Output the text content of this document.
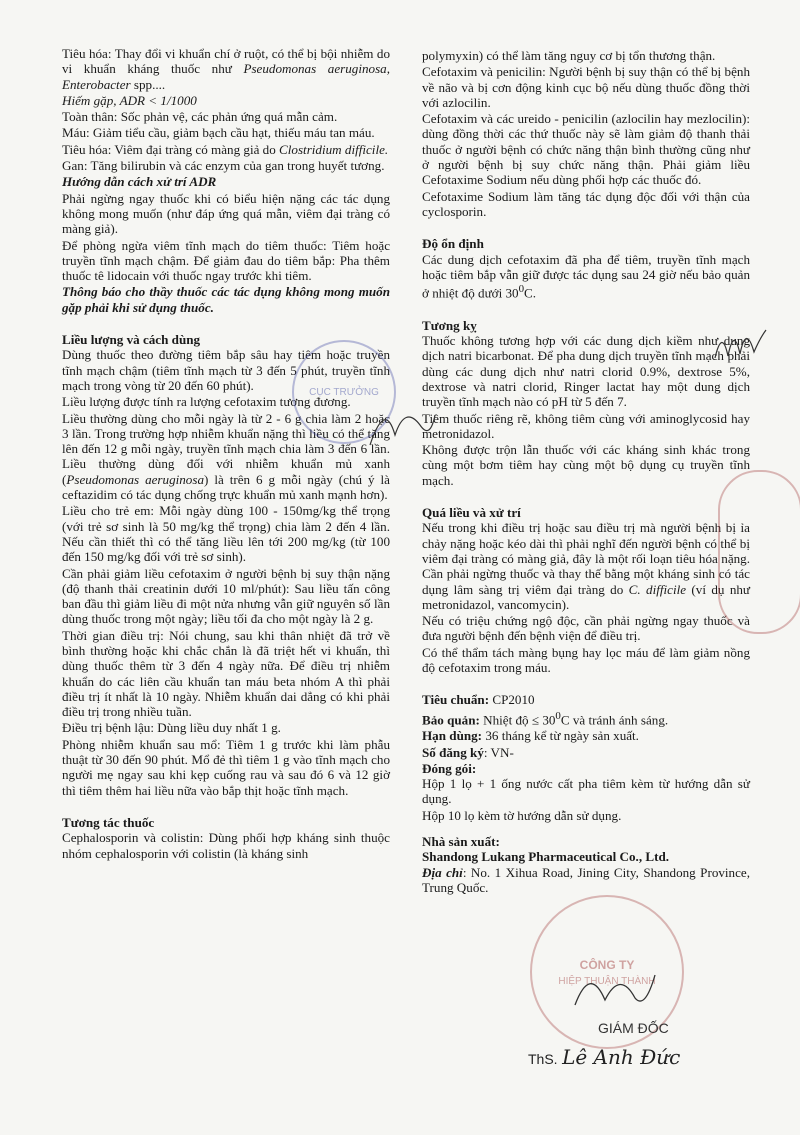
Tiêu hóa: Thay đổi vi khuẩn chí ở ruột, có thể bị bội nhiễm do vi khuẩn kháng thuốc như Pseudomonas aeruginosa, Enterobacter spp....

Hiếm gặp, ADR < 1/1000

Toàn thân: Sốc phản vệ, các phản ứng quá mẫn cảm.

Máu: Giảm tiểu cầu, giảm bạch cầu hạt, thiếu máu tan máu.

Tiêu hóa: Viêm đại tràng có màng giả do Clostridium difficile.

Gan: Tăng bilirubin và các enzym của gan trong huyết tương.

Hướng dẫn cách xử trí ADR

Phải ngừng ngay thuốc khi có biểu hiện nặng các tác dụng không mong muốn (như đáp ứng quá mẫn, viêm đại tràng có màng giả).

Để phòng ngừa viêm tĩnh mạch do tiêm thuốc: Tiêm hoặc truyền tĩnh mạch chậm. Để giảm đau do tiêm bắp: Pha thêm thuốc tê lidocain với thuốc ngay trước khi tiêm.

Thông báo cho thầy thuốc các tác dụng không mong muốn gặp phải khi sử dụng thuốc.

Liều lượng và cách dùng

Dùng thuốc theo đường tiêm bắp sâu hay tiêm hoặc truyền tĩnh mạch chậm (tiêm tĩnh mạch từ 3 đến 5 phút, truyền tĩnh mạch trong vòng từ 20 đến 60 phút).

Liều lượng được tính ra lượng cefotaxim tương đương.

Liều thường dùng cho mỗi ngày là từ 2 - 6 g chia làm 2 hoặc 3 lần. Trong trường hợp nhiễm khuẩn nặng thì liều có thể tăng lên đến 12 g mỗi ngày, truyền tĩnh mạch chia làm 3 đến 6 lần. Liều thường dùng đối với nhiễm khuẩn mủ xanh (Pseudomonas aeruginosa) là trên 6 g mỗi ngày (chú ý là ceftazidim có tác dụng chống trực khuẩn mủ xanh mạnh hơn).

Liều cho trẻ em: Mỗi ngày dùng 100 - 150mg/kg thể trọng (với trẻ sơ sinh là 50 mg/kg thể trọng) chia làm 2 đến 4 lần. Nếu cần thiết thì có thể tăng liều lên tới 200 mg/kg (từ 100 đến 150 mg/kg đối với trẻ sơ sinh).

Cần phải giảm liều cefotaxim ở người bệnh bị suy thận nặng (độ thanh thải creatinin dưới 10 ml/phút): Sau liều tấn công ban đầu thì giảm liều đi một nửa nhưng vẫn giữ nguyên số lần dùng thuốc trong một ngày; liều tối đa cho một ngày là 2 g.

Thời gian điều trị: Nói chung, sau khi thân nhiệt đã trở về bình thường hoặc khi chắc chắn là đã triệt hết vi khuẩn, thì dùng thuốc thêm từ 3 đến 4 ngày nữa. Để điều trị nhiễm khuẩn do các liên cầu khuẩn tan máu beta nhóm A thì phải điều trị ít nhất là 10 ngày. Nhiễm khuẩn dai dẳng có khi phải điều trị trong nhiều tuần.

Điều trị bệnh lậu: Dùng liều duy nhất 1 g.

Phòng nhiễm khuẩn sau mổ: Tiêm 1 g trước khi làm phẫu thuật từ 30 đến 90 phút. Mổ đẻ thì tiêm 1 g vào tĩnh mạch cho người mẹ ngay sau khi kẹp cuống rau và sau đó 6 và 12 giờ thì tiêm thêm hai liều nữa vào bắp thịt hoặc tĩnh mạch.

Tương tác thuốc

Cephalosporin và colistin: Dùng phối hợp kháng sinh thuộc nhóm cephalosporin với colistin (là kháng sinh

polymyxin) có thể làm tăng nguy cơ bị tổn thương thận.

Cefotaxim và penicilin: Người bệnh bị suy thận có thể bị bệnh về não và bị cơn động kinh cục bộ nếu dùng thuốc đồng thời với azlocilin.

Cefotaxim và các ureido - penicilin (azlocilin hay mezlocilin): dùng đồng thời các thứ thuốc này sẽ làm giảm độ thanh thải thuốc ở người bệnh có chức năng thận bình thường cũng như ở người bệnh bị suy chức năng thận. Phải giảm liều Cefotaxime Sodium nếu dùng phối hợp các thuốc đó.

Cefotaxime Sodium làm tăng tác dụng độc đối với thận của cyclosporin.

Độ ổn định

Các dung dịch cefotaxim đã pha để tiêm, truyền tĩnh mạch hoặc tiêm bắp vẫn giữ được tác dụng sau 24 giờ nếu bảo quản ở nhiệt độ dưới $30^0C$.

Tương kỵ

Thuốc không tương hợp với các dung dịch kiềm như dung dịch natri bicarbonat. Để pha dung dịch truyền tĩnh mạch phải dùng các dung dịch như natri clorid 0.9%, dextrose 5%, dextrose và natri clorid, Ringer lactat hay một dung dịch truyền tĩnh mạch nào có pH từ 5 đến 7.

Tiêm thuốc riêng rẽ, không tiêm cùng với aminoglycosid hay metronidazol.

Không được trộn lẫn thuốc với các kháng sinh khác trong cùng một bơm tiêm hay cùng một bộ dụng cụ truyền tĩnh mạch.

Quá liều và xử trí

Nếu trong khi điều trị hoặc sau điều trị mà người bệnh bị ỉa chảy nặng hoặc kéo dài thì phải nghĩ đến người bệnh có thể bị viêm đại tràng có màng giả, đây là một rối loạn tiêu hóa nặng. Cần phải ngừng thuốc và thay thế bằng một kháng sinh có tác dụng lâm sàng trị viêm đại tràng do C. difficile (ví dụ như metronidazol, vancomycin).

Nếu có triệu chứng ngộ độc, cần phải ngừng ngay thuốc và đưa người bệnh đến bệnh viện để điều trị.

Có thể thẩm tách màng bụng hay lọc máu để làm giảm nồng độ cefotaxim trong máu.

Tiêu chuẩn: CP2010

Bảo quản: Nhiệt độ ≤ $30^0C$ và tránh ánh sáng.

Hạn dùng: 36 tháng kể từ ngày sản xuất.

Số đăng ký: VN-

Đóng gói:

Hộp 1 lọ + 1 ống nước cất pha tiêm kèm từ hướng dẫn sử dụng.

Hộp 10 lọ kèm tờ hướng dẫn sử dụng.

Nhà sản xuất:

Shandong Lukang Pharmaceutical Co., Ltd.

Địa chỉ: No. 1 Xihua Road, Jining City, Shandong Province, Trung Quốc.

CỤC TRƯỞNG
CÔNG TY
HIỆP THUẬN THÀNH
GIÁM ĐỐC
ThS. Lê Anh Đức
